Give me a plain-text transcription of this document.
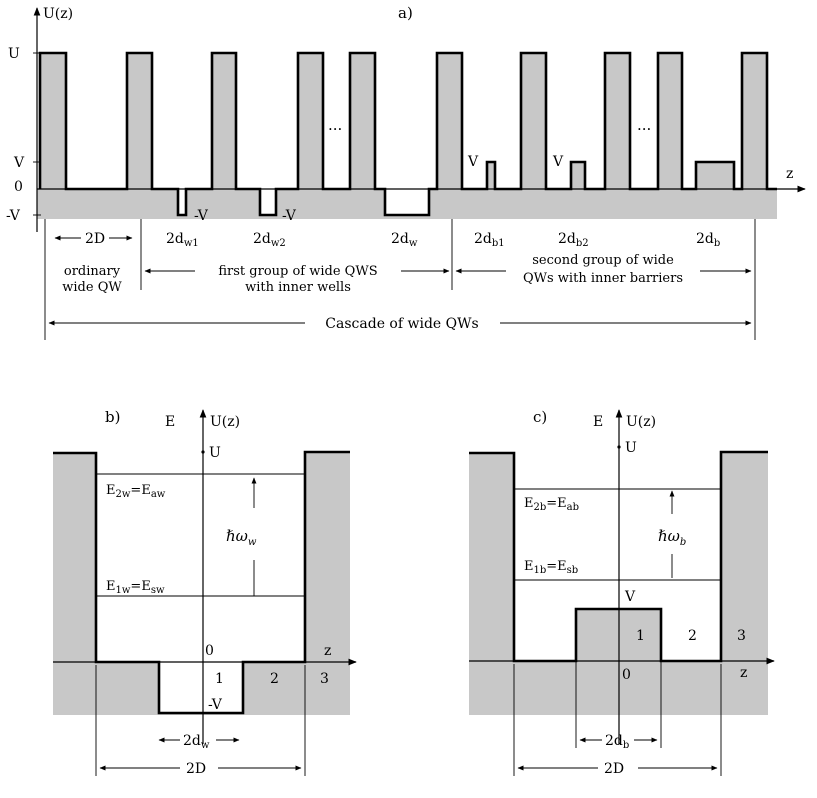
U(z)	a)
z
U
V
0
-V
...	...
V	V
-V	-V
2D	$2d_{w1}$	$2d_{w2}$	$2d_w$	$2d_{b1}$	$2d_{b2}$	$2d_b$
ordinary
wide QW
first group of wide QWS
with inner wells
second group of wide
QWs with inner barriers
Cascade of wide QWs
b)	E U(z)
U
$E_{2w}=E_{aw}$
$E_{1w}=E_{sw}$
ℏω$_w$
0	z
1	2	3
-V
$2d_w$
2D
c)	E U(z)
U
$E_{2b}=E_{ab}$
$E_{1b}=E_{sb}$
ℏω$_b$
V
1	2	3
0	z
$2d_b$
2D
